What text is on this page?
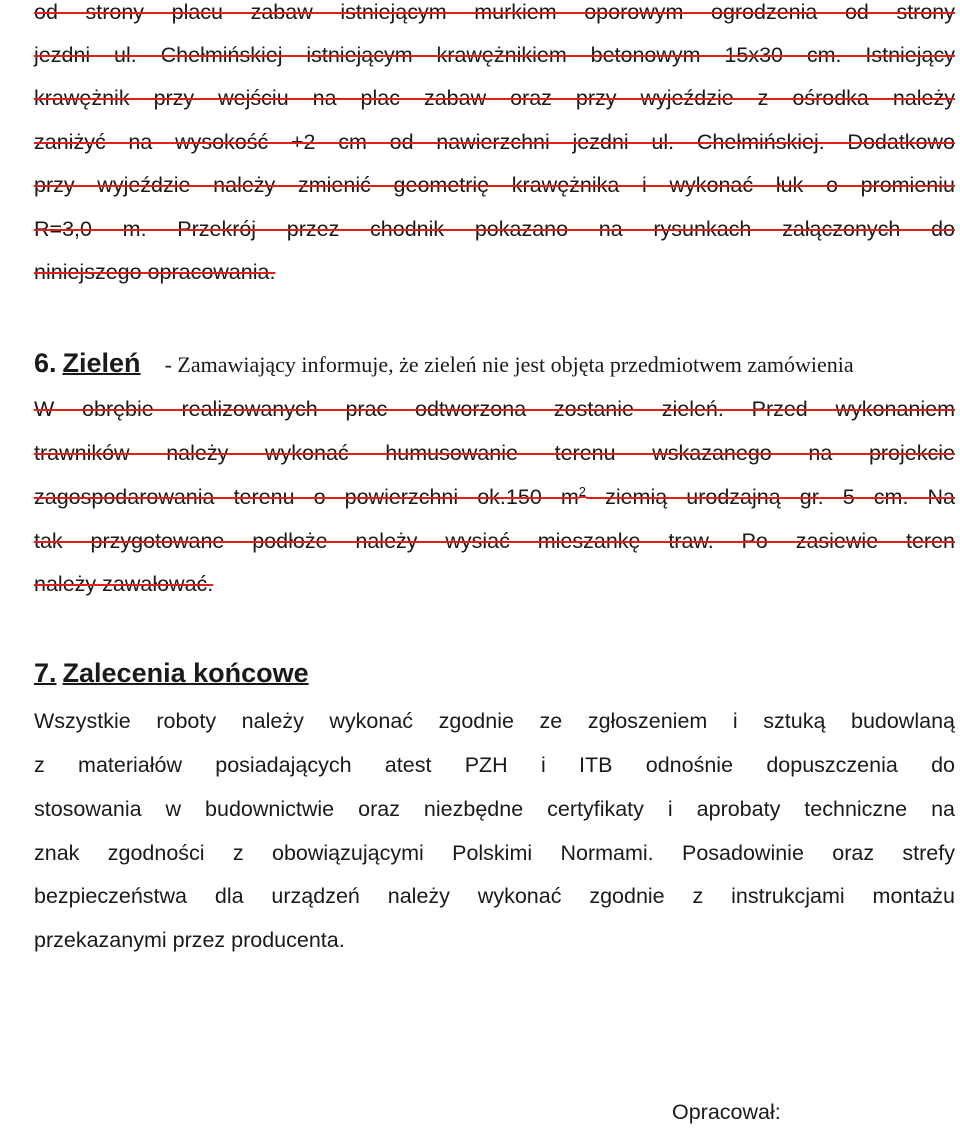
od strony placu zabaw istniejącym murkiem oporowym ogrodzenia od strony
jezdni ul. Chełmińskiej istniejącym krawężnikiem betonowym 15x30 cm. Istniejący
krawężnik przy wejściu na plac zabaw oraz przy wyjeździe z ośrodka należy
zaniżyć na wysokość +2 cm od nawierzchni jezdni ul. Chełmińskiej. Dodatkowo
przy wyjeździe należy zmienić geometrię krawężnika i wykonać łuk o promieniu
R=3,0 m. Przekrój przez chodnik pokazano na rysunkach załączonych do
niniejszego opracowania.
6. Zieleń - Zamawiający informuje, że zieleń nie jest objęta przedmiotwem zamówienia
W obrębie realizowanych prac odtworzona zostanie zieleń. Przed wykonaniem
trawników należy wykonać humusowanie terenu wskazanego na projekcie
zagospodarowania terenu o powierzchni ok.150 $m^2$ ziemią urodzajną gr. 5 cm. Na
tak przygotowane podłoże należy wysiać mieszankę traw. Po zasiewie teren
należy zawałować.
7. Zalecenia końcowe
Wszystkie roboty należy wykonać zgodnie ze zgłoszeniem i sztuką budowlaną
z materiałów posiadających atest PZH i ITB odnośnie dopuszczenia do
stosowania w budownictwie oraz niezbędne certyfikaty i aprobaty techniczne na
znak zgodności z obowiązującymi Polskimi Normami. Posadowinie oraz strefy
bezpieczeństwa dla urządzeń należy wykonać zgodnie z instrukcjami montażu
przekazanymi przez producenta.
Opracował:
